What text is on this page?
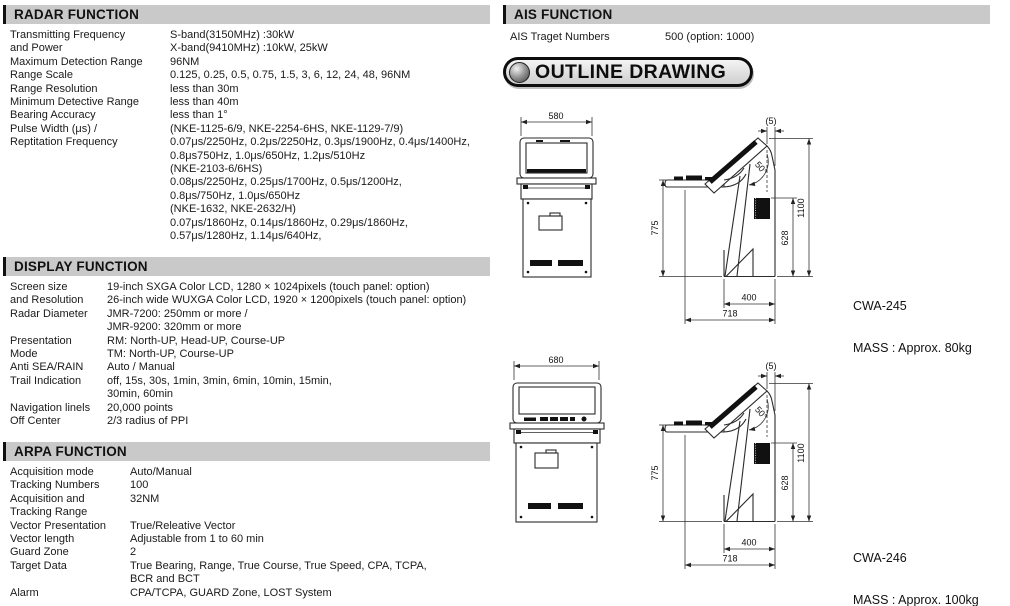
RADAR FUNCTION
Transmitting Frequency	S-band(3150MHz) :30kW
and Power	X-band(9410MHz) :10kW, 25kW
Maximum Detection Range	96NM
Range Scale	0.125, 0.25, 0.5, 0.75, 1.5, 3, 6, 12, 24, 48, 96NM
Range Resolution	less than 30m
Minimum Detective Range	less than 40m
Bearing Accuracy	less than 1°
Pulse Width (μs) /	(NKE-1125-6/9, NKE-2254-6HS, NKE-1129-7/9)
Reptitation Frequency	0.07μs/2250Hz, 0.2μs/2250Hz, 0.3μs/1900Hz, 0.4μs/1400Hz,
0.8μs750Hz, 1.0μs/650Hz, 1.2μs/510Hz
(NKE-2103-6/6HS)
0.08μs/2250Hz, 0.25μs/1700Hz, 0.5μs/1200Hz,
0.8μs/750Hz, 1.0μs/650Hz
(NKE-1632, NKE-2632/H)
0.07μs/1860Hz, 0.14μs/1860Hz, 0.29μs/1860Hz,
0.57μs/1280Hz, 1.14μs/640Hz,
DISPLAY FUNCTION
Screen size	19-inch SXGA Color LCD, 1280 × 1024pixels (touch panel: option)
and Resolution	26-inch wide WUXGA Color LCD, 1920 × 1200pixels (touch panel: option)
Radar Diameter	JMR-7200: 250mm or more /
JMR-9200: 320mm or more
Presentation	RM: North-UP, Head-UP, Course-UP
Mode	TM: North-UP, Course-UP
Anti SEA/RAIN	Auto / Manual
Trail Indication	off, 15s, 30s, 1min, 3min, 6min, 10min, 15min,
30min, 60min
Navigation linels	20,000 points
Off Center	2/3 radius of PPI
ARPA FUNCTION
Acquisition mode	Auto/Manual
Tracking Numbers	100
Acquisition and	32NM
Tracking Range
Vector Presentation	True/Releative Vector
Vector length	Adjustable from 1 to 60 min
Guard Zone	2
Target Data	True Bearing, Range, True Course, True Speed, CPA, TCPA,
BCR and BCT
Alarm	CPA/TCPA, GUARD Zone, LOST System
AIS FUNCTION
AIS Traget Numbers	500 (option: 1000)
OUTLINE DRAWING
580
50°
775
1100
628
(5)
400
718

CWA-245

MASS : Approx. 80kg

680
50°
775
1100
628
(5)
400
718

	CWA-246

MASS : Approx. 100kg
